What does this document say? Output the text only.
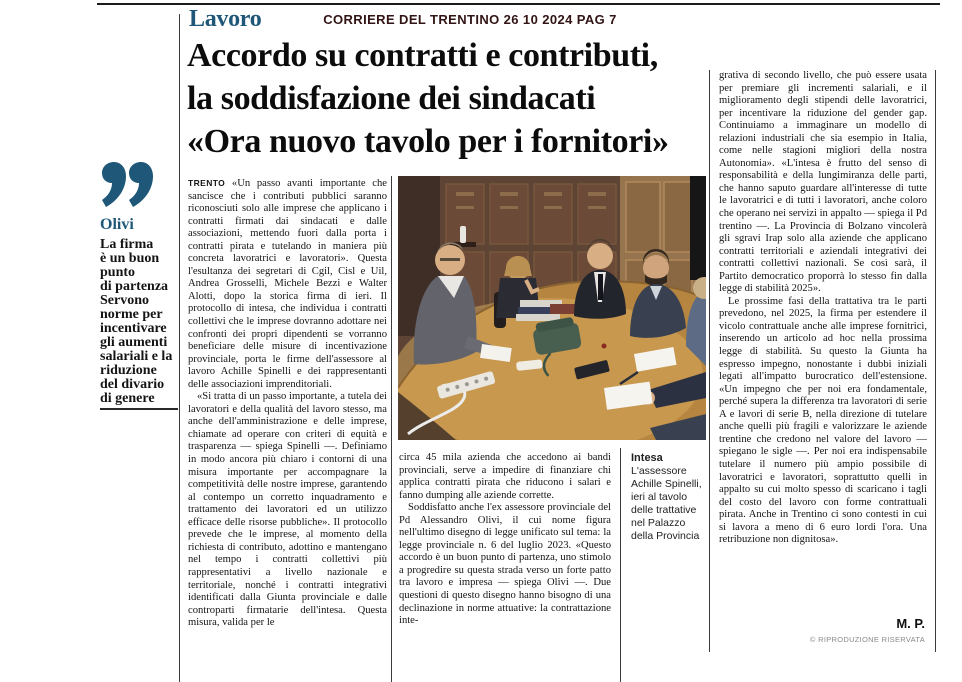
Lavoro	CORRIERE DEL TRENTINO 26 10 2024 PAG 7
Accordo su contratti e contributi,
la soddisfazione dei sindacati
«Ora nuovo tavolo per i fornitori»
Olivi
La firma
è un buon
punto
di partenza
Servono
norme per
incentivare
gli aumenti
salariali e la
riduzione
del divario
di genere

TRENTO «Un passo avanti importante che sancisce che i contributi pubblici saranno riconosciuti solo alle imprese che applicano i contratti firmati dai sindacati e dalle associazioni, mettendo fuori dalla porta i contratti pirata e tutelando in maniera più concreta lavoratrici e lavoratori». Questa l'esultanza dei segretari di Cgil, Cisl e Uil, Andrea Grosselli, Michele Bezzi e Walter Alotti, dopo la storica firma di ieri. Il protocollo di intesa, che individua i contratti collettivi che le imprese dovranno adottare nei confronti dei propri dipendenti se vorranno beneficiare delle misure di incentivazione provinciale, porta le firme dell'assessore al lavoro Achille Spinelli e dei rappresentanti delle associazioni imprenditoriali.

«Si tratta di un passo importante, a tutela dei lavoratori e della qualità del lavoro stesso, ma anche dell'amministrazione e delle imprese, chiamate ad operare con criteri di equità e trasparenza — spiega Spinelli —. Definiamo in modo ancora più chiaro i contorni di una misura importante per accompagnare la competitività delle nostre imprese, garantendo al contempo un corretto inquadramento e trattamento dei lavoratori ed un utilizzo efficace delle risorse pubbliche». Il protocollo prevede che le imprese, al momento della richiesta di contributo, adottino e mantengano nel tempo i contratti collettivi più rappresentativi a livello nazionale e territoriale, nonché i contratti integrativi identificati dalla Giunta provinciale e dalle controparti firmatarie dell'intesa. Questa misura, valida per le

circa 45 mila azienda che accedono ai bandi provinciali, serve a impedire di finanziare chi applica contratti pirata che riducono i salari e fanno dumping alle aziende corrette.

Soddisfatto anche l'ex assessore provinciale del Pd Alessandro Olivi, il cui nome figura nell'ultimo disegno di legge unificato sul tema: la legge provinciale n. 6 del luglio 2023. «Questo accordo è un buon punto di partenza, uno stimolo a progredire su questa strada verso un forte patto tra lavoro e impresa — spiega Olivi —. Due questioni di questo disegno hanno bisogno di una declinazione in norme attuative: la contrattazione inte-

Intesa
L'assessore Achille Spinelli, ieri al tavolo delle trattative nel Palazzo della Provincia

grativa di secondo livello, che può essere usata per premiare gli incrementi salariali, e il miglioramento degli stipendi delle lavoratrici, per incentivare la riduzione del gender gap. Continuiamo a immaginare un modello di relazioni industriali che sia esempio in Italia, come nelle stagioni migliori della nostra Autonomia». «L'intesa è frutto del senso di responsabilità e della lungimiranza delle parti, che hanno saputo guardare all'interesse di tutte le lavoratrici e di tutti i lavoratori, anche coloro che operano nei servizi in appalto — spiega il Pd trentino —. La Provincia di Bolzano vincolerà gli sgravi Irap solo alla aziende che applicano contratti territoriali e aziendali integrativi dei contratti collettivi nazionali. Se così sarà, il Partito democratico proporrà lo stesso fin dalla legge di stabilità 2025».

Le prossime fasi della trattativa tra le parti prevedono, nel 2025, la firma per estendere il vicolo contrattuale anche alle imprese fornitrici, inserendo un articolo ad hoc nella prossima legge di stabilità. Su questo la Giunta ha espresso impegno, nonostante i dubbi iniziali legati all'impatto burocratico dell'estensione. «Un impegno che per noi era fondamentale, perché supera la differenza tra lavoratori di serie A e lavori di serie B, nella direzione di tutelare anche quelli più fragili e valorizzare le aziende trentine che credono nel valore del lavoro — spiegano le sigle —. Per noi era indispensabile tutelare il numero più ampio possibile di lavoratrici e lavoratori, soprattutto quelli in appalto su cui molto spesso di scaricano i tagli del costo del lavoro con forme contrattuali pirata. Anche in Trentino ci sono contesti in cui si lavora a meno di 6 euro lordi l'ora. Una retribuzione non dignitosa».

M. P.
© RIPRODUZIONE RISERVATA
